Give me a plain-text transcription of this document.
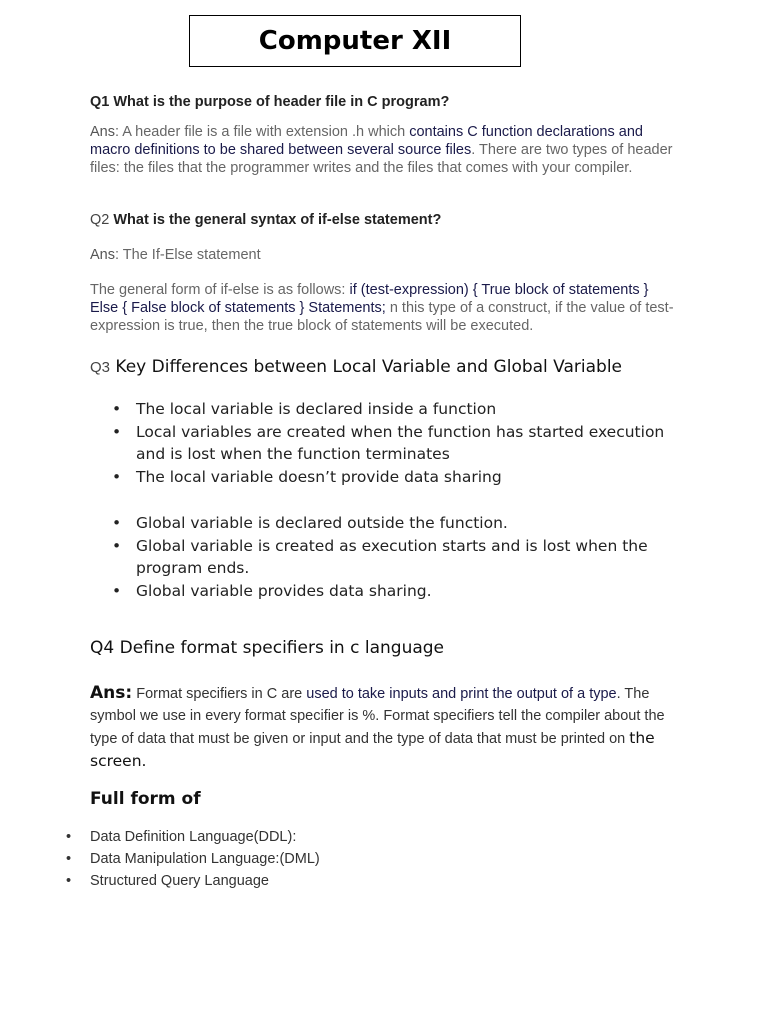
Computer XII
Q1 What is the purpose of header file in C program?
Ans: A header file is a file with extension .h which contains C function declarations and macro definitions to be shared between several source files. There are two types of header files: the files that the programmer writes and the files that comes with your compiler.
Q2 What is the general syntax of if-else statement?
Ans: The If-Else statement
The general form of if-else is as follows: if (test-expression) { True block of statements } Else { False block of statements } Statements; n this type of a construct, if the value of test-expression is true, then the true block of statements will be executed.
Q3 Key Differences between Local Variable and Global Variable
• The local variable is declared inside a function
• Local variables are created when the function has started execution and is lost when the function terminates
• The local variable doesn’t provide data sharing
• Global variable is declared outside the function.
• Global variable is created as execution starts and is lost when the program ends.
• Global variable provides data sharing.
Q4 Define format specifiers in c language
Ans: Format specifiers in C are used to take inputs and print the output of a type. The symbol we use in every format specifier is %. Format specifiers tell the compiler about the type of data that must be given or input and the type of data that must be printed on the screen.
Full form of
• Data Definition Language(DDL):
• Data Manipulation Language:(DML)
• Structured Query Language
